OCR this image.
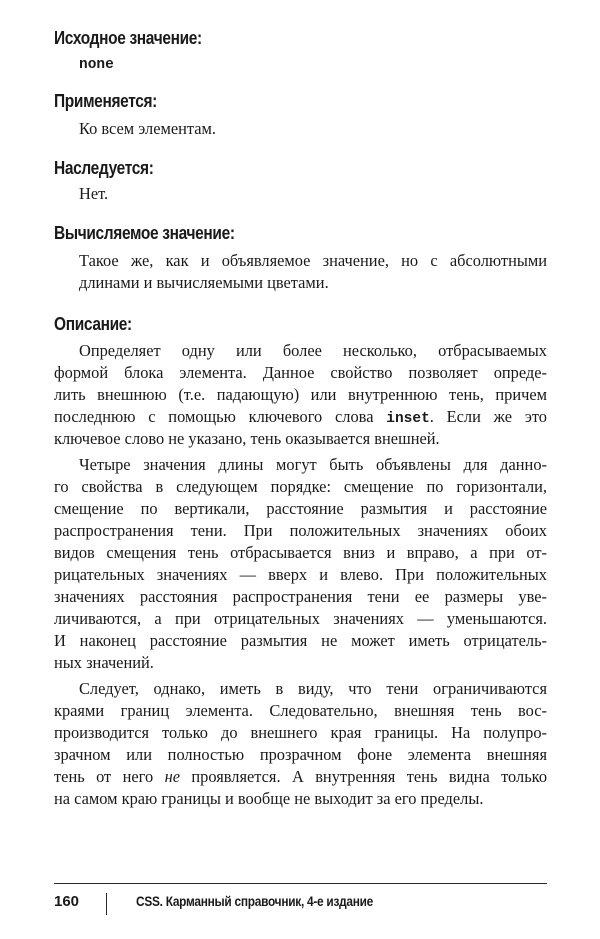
Исходное значение:

none

Применяется:

Ко всем элементам.

Наследуется:

Нет.

Вычисляемое значение:

Такое же, как и объявляемое значение, но с абсолютными

длинами и вычисляемыми цветами.

Описание:

Определяет одну или более несколько, отбрасываемых

формой блока элемента. Данное свойство позволяет опреде-

лить внешнюю (т.е. падающую) или внутреннюю тень, причем

последнюю с помощью ключевого слова inset. Если же это

ключевое слово не указано, тень оказывается внешней.

Четыре значения длины могут быть объявлены для данно-

го свойства в следующем порядке: смещение по горизонтали,

смещение по вертикали, расстояние размытия и расстояние

распространения тени. При положительных значениях обоих

видов смещения тень отбрасывается вниз и вправо, а при от-

рицательных значениях — вверх и влево. При положительных

значениях расстояния распространения тени ее размеры уве-

личиваются, а при отрицательных значениях — уменьшаются.

И наконец расстояние размытия не может иметь отрицатель-

ных значений.

Следует, однако, иметь в виду, что тени ограничиваются

краями границ элемента. Следовательно, внешняя тень вос-

производится только до внешнего края границы. На полупро-

зрачном или полностью прозрачном фоне элемента внешняя

тень от него не проявляется. А внутренняя тень видна только

на самом краю границы и вообще не выходит за его пределы.

160	CSS. Карманный справочник, 4-е издание
